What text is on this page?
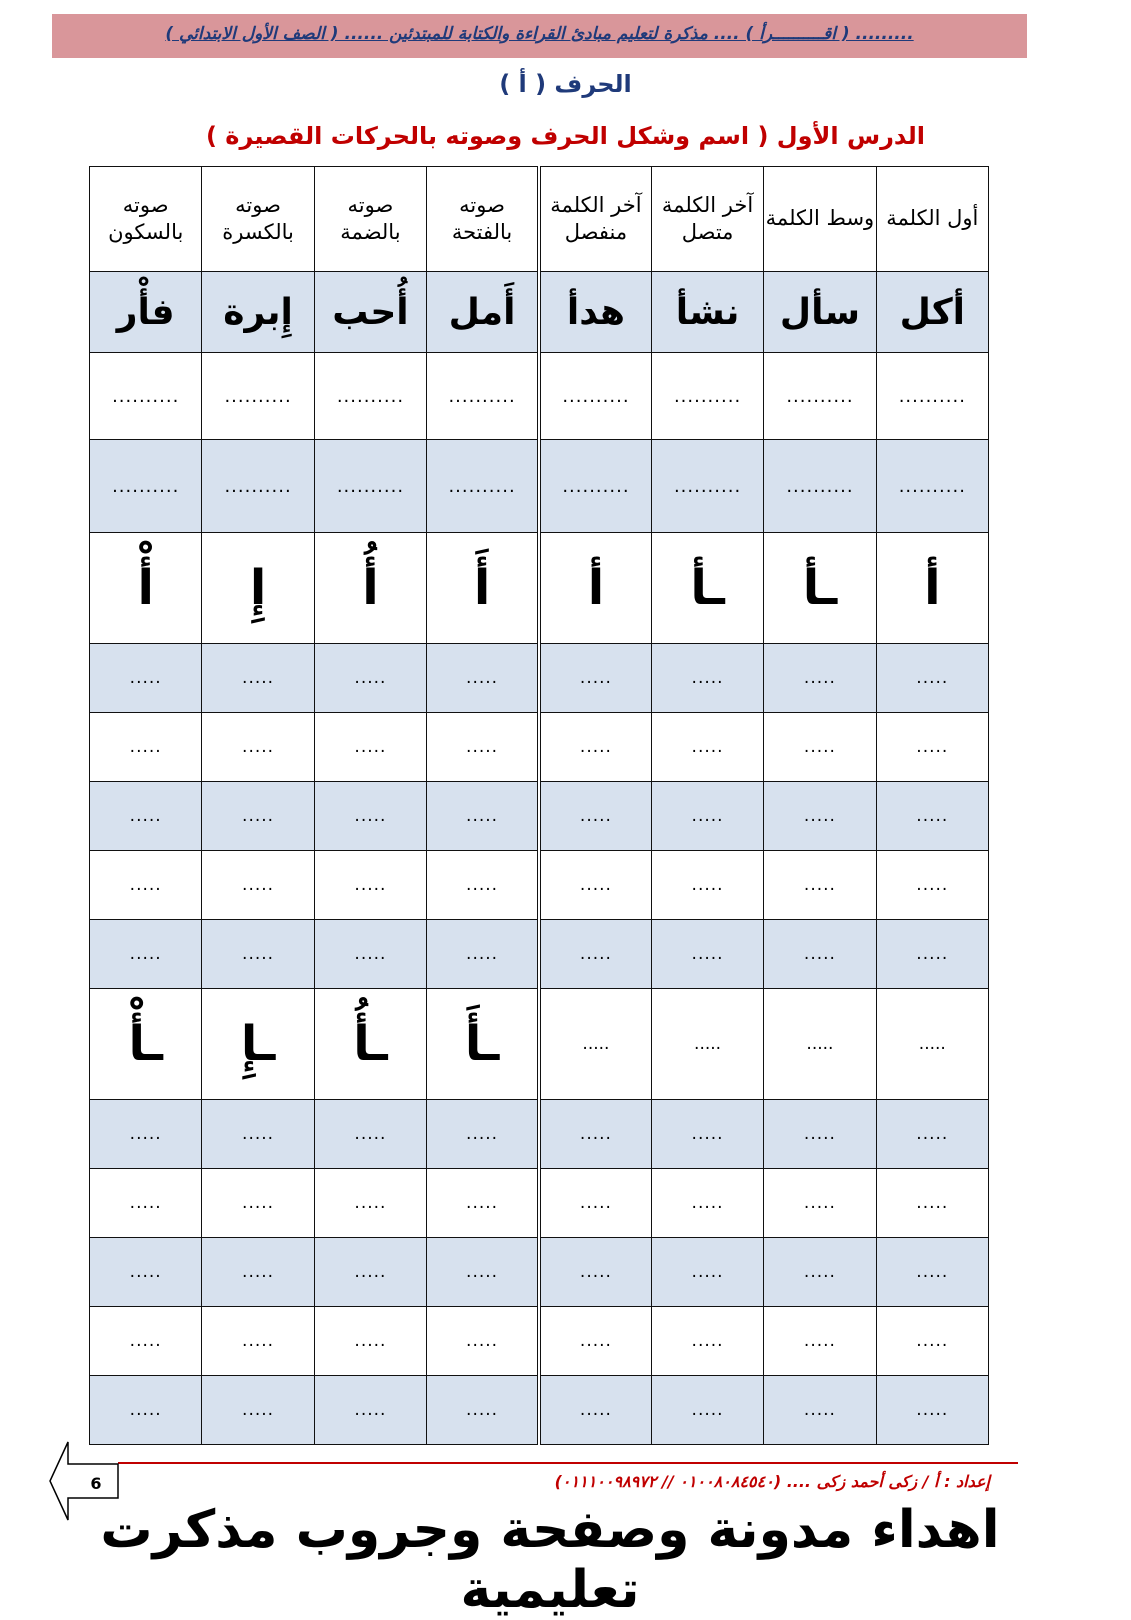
......... ( اقــــــــــرأ ) .... مذكرة لتعليم مبادئ القراءة والكتابة للمبتدئين ...... ( الصف الأول الابتدائي )
الحرف ( أ )
الدرس الأول ( اسم وشكل الحرف وصوته بالحركات القصيرة )
أول الكلمة	وسط الكلمة	آخر الكلمة متصل	آخر الكلمة منفصل	صوته بالفتحة	صوته بالضمة	صوته بالكسرة	صوته بالسكون
أكل	سأل	نشأ	هدأ	أَمل	أُحب	إِبرة	فأْر
..........	..........	..........	..........	..........	..........	..........	..........
..........	..........	..........	..........	..........	..........	..........	..........
أ	ـأ	ـأ	أ	أَ	أُ	إِ	أْ
.....	.....	.....	.....	.....	.....	.....	.....
.....	.....	.....	.....	.....	.....	.....	.....
.....	.....	.....	.....	.....	.....	.....	.....
.....	.....	.....	.....	.....	.....	.....	.....
.....	.....	.....	.....	.....	.....	.....	.....
.....	.....	.....	.....	ـأَ	ـأُ	ـإِ	ـأْ
.....	.....	.....	.....	.....	.....	.....	.....
.....	.....	.....	.....	.....	.....	.....	.....
.....	.....	.....	.....	.....	.....	.....	.....
.....	.....	.....	.....	.....	.....	.....	.....
.....	.....	.....	.....	.....	.....	.....	.....
إعداد : أ / زكى أحمد زكى .... (٠١٠٠٨٠٨٤٥٤٠ // ٠١١١٠٠٩٨٩٧٢)
6
اهداء مدونة وصفحة وجروب مذكرت تعليمية
